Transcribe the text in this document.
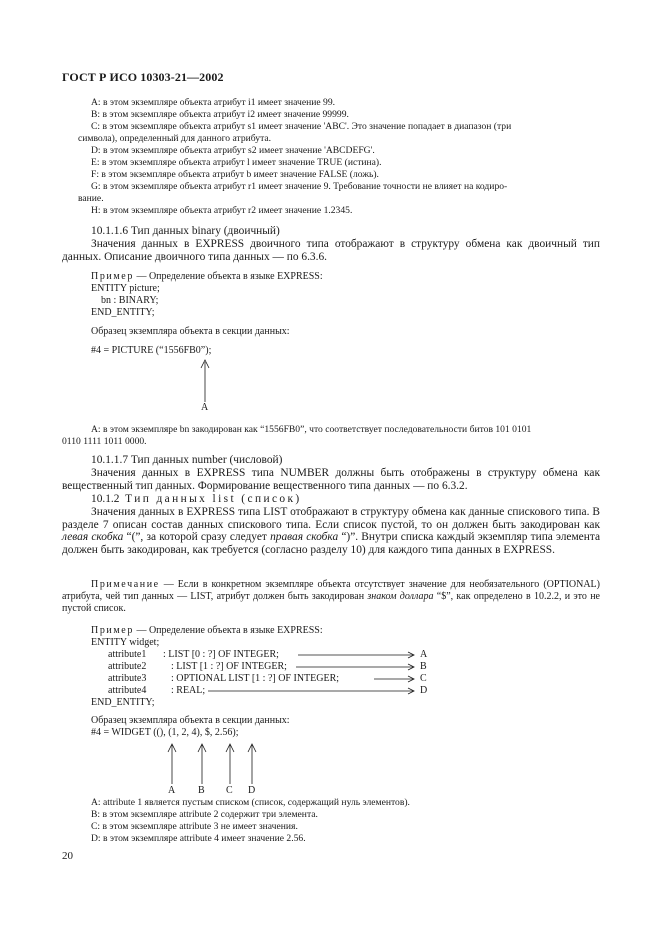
ГОСТ Р ИСО 10303-21—2002
A: в этом экземпляре объекта атрибут i1 имеет значение 99.
B: в этом экземпляре объекта атрибут i2 имеет значение 99999.
C: в этом экземпляре объекта атрибут s1 имеет значение 'ABC'. Это значение попадает в диапазон (три
символа), определенный для данного атрибута.
D: в этом экземпляре объекта атрибут s2 имеет значение 'ABCDEFG'.
E: в этом экземпляре объекта атрибут l имеет значение TRUE (истина).
F: в этом экземпляре объекта атрибут b имеет значение FALSE (ложь).
G: в этом экземпляре объекта атрибут r1 имеет значение 9. Требование точности не влияет на кодиро-
вание.
H: в этом экземпляре объекта атрибут r2 имеет значение 1.2345.
10.1.1.6 Тип данных binary (двоичный)
Значения данных в EXPRESS двоичного типа отображают в структуру обмена как двоичный тип данных. Описание двоичного типа данных — по 6.3.6.
Пример — Определение объекта в языке EXPRESS:
ENTITY picture;
bn : BINARY;
END_ENTITY;
Образец экземпляра объекта в секции данных:
#4 = PICTURE (“1556FB0”);
A
A: в этом экземпляре bn закодирован как “1556FB0”, что соответствует последовательности битов 101 0101
0110 1111 1011 0000.
10.1.1.7 Тип данных number (числовой)
Значения данных в EXPRESS типа NUMBER должны быть отображены в структуру обмена как вещественный тип данных. Формирование вещественного типа данных — по 6.3.2.
10.1.2  Тип данных list (список)
Значения данных в EXPRESS типа LIST отображают в структуру обмена как данные спискового типа. В разделе 7 описан состав данных спискового типа. Если список пустой, то он должен быть закодирован как левая скобка “(”, за которой сразу следует правая скобка “)”. Внутри списка каждый экземпляр типа элемента должен быть закодирован, как требуется (согласно разделу 10) для каждого типа данных в EXPRESS.
Примечание — Если в конкретном экземпляре объекта отсутствует значение для необязательного (OPTIONAL) атрибута, чей тип данных — LIST, атрибут должен быть закодирован знаком доллара “$”, как определено в 10.2.2, и это не пустой список.
Пример — Определение объекта в языке EXPRESS:
ENTITY widget;
attribute1 : LIST [0 : ?] OF INTEGER;
attribute2 : LIST [1 : ?] OF INTEGER;
attribute3 : OPTIONAL LIST [1 : ?] OF INTEGER;
attribute4 : REAL;
A
B
C
D
END_ENTITY;
Образец экземпляра объекта в секции данных:
#4 = WIDGET ((), (1, 2, 4), $, 2.56);
A B C D
A: attribute 1 является пустым списком (список, содержащий нуль элементов).
B: в этом экземпляре attribute 2 содержит три элемента.
C: в этом экземпляре attribute 3 не имеет значения.
D: в этом экземпляре attribute 4 имеет значение 2.56.
20
